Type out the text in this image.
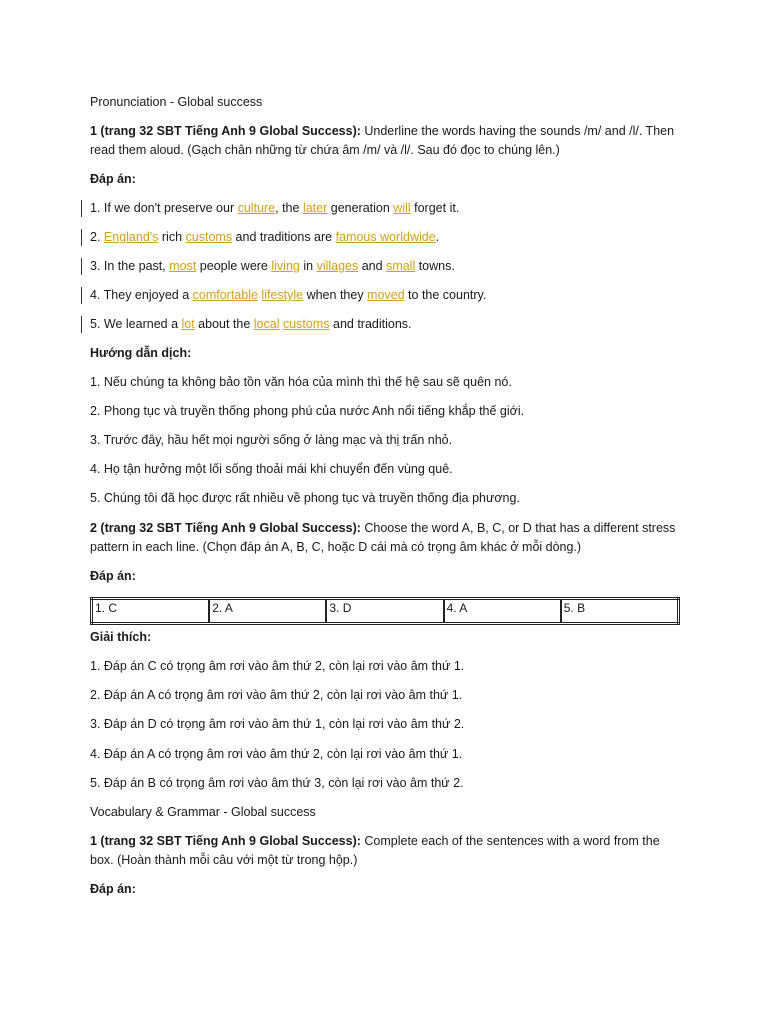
Pronunciation - Global success
1 (trang 32 SBT Tiếng Anh 9 Global Success): Underline the words having the sounds /m/ and /l/. Then read them aloud. (Gạch chân những từ chứa âm /m/ và /l/. Sau đó đọc to chúng lên.)
Đáp án:
1. If we don't preserve our culture, the later generation will forget it.
2. England's rich customs and traditions are famous worldwide.
3. In the past, most people were living in villages and small towns.
4. They enjoyed a comfortable lifestyle when they moved to the country.
5. We learned a lot about the local customs and traditions.
Hướng dẫn dịch:
1. Nếu chúng ta không bảo tồn văn hóa của mình thì thế hệ sau sẽ quên nó.
2. Phong tục và truyền thống phong phú của nước Anh nổi tiếng khắp thế giới.
3. Trước đây, hầu hết mọi người sống ở làng mạc và thị trấn nhỏ.
4. Họ tận hưởng một lối sống thoải mái khi chuyển đến vùng quê.
5. Chúng tôi đã học được rất nhiều về phong tục và truyền thống địa phương.
2 (trang 32 SBT Tiếng Anh 9 Global Success): Choose the word A, B, C, or D that has a different stress pattern in each line. (Chọn đáp án A, B, C, hoặc D cái mà có trọng âm khác ở mỗi dòng.)
Đáp án:
1. C	2. A	3. D	4. A	5. B
Giải thích:
1. Đáp án C có trọng âm rơi vào âm thứ 2, còn lại rơi vào âm thứ 1.
2. Đáp án A có trọng âm rơi vào âm thứ 2, còn lại rơi vào âm thứ 1.
3. Đáp án D có trọng âm rơi vào âm thứ 1, còn lại rơi vào âm thứ 2.
4. Đáp án A có trọng âm rơi vào âm thứ 2, còn lại rơi vào âm thứ 1.
5. Đáp án B có trọng âm rơi vào âm thứ 3, còn lại rơi vào âm thứ 2.
Vocabulary & Grammar - Global success
1 (trang 32 SBT Tiếng Anh 9 Global Success): Complete each of the sentences with a word from the box. (Hoàn thành mỗi câu với một từ trong hộp.)
Đáp án:
